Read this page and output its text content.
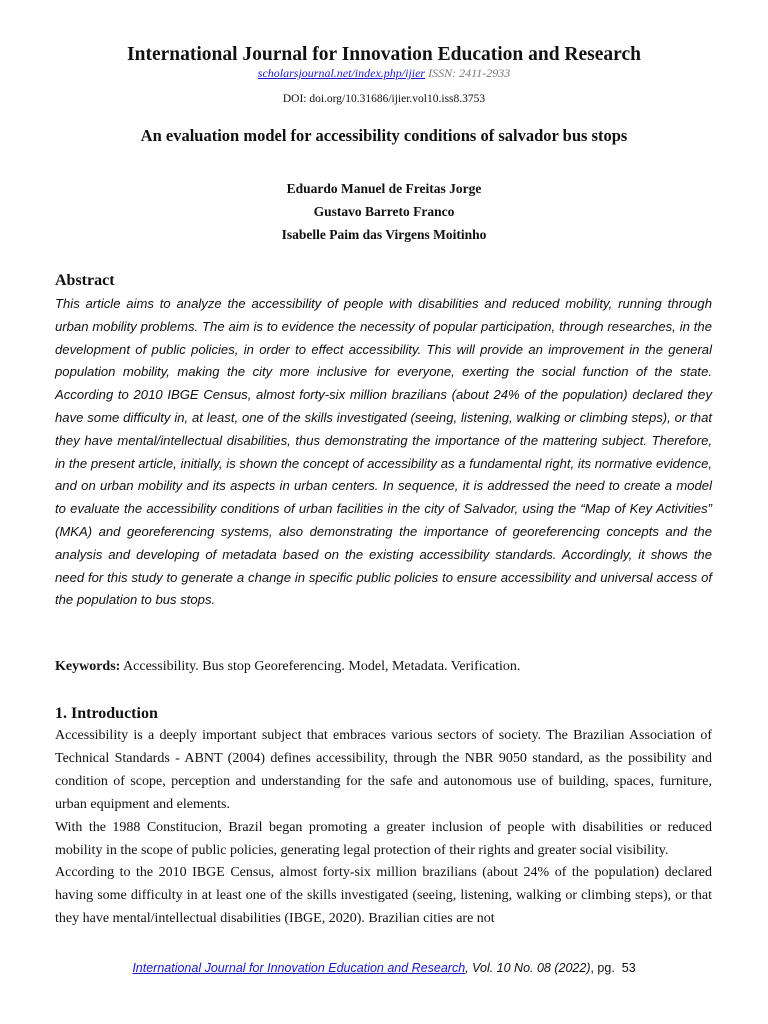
International Journal for Innovation Education and Research
scholarsjournal.net/index.php/ijier ISSN: 2411-2933
DOI: doi.org/10.31686/ijier.vol10.iss8.3753
An evaluation model for accessibility conditions of salvador bus stops
Eduardo Manuel de Freitas Jorge
Gustavo Barreto Franco
Isabelle Paim das Virgens Moitinho
Abstract

This article aims to analyze the accessibility of people with disabilities and reduced mobility, running through urban mobility problems. The aim is to evidence the necessity of popular participation, through researches, in the development of public policies, in order to effect accessibility. This will provide an improvement in the general population mobility, making the city more inclusive for everyone, exerting the social function of the state. According to 2010 IBGE Census, almost forty-six million brazilians (about 24% of the population) declared they have some difficulty in, at least, one of the skills investigated (seeing, listening, walking or climbing steps), or that they have mental/intellectual disabilities, thus demonstrating the importance of the mattering subject. Therefore, in the present article, initially, is shown the concept of accessibility as a fundamental right, its normative evidence, and on urban mobility and its aspects in urban centers. In sequence, it is addressed the need to create a model to evaluate the accessibility conditions of urban facilities in the city of Salvador, using the “Map of Key Activities” (MKA) and georeferencing systems, also demonstrating the importance of georeferencing concepts and the analysis and developing of metadata based on the existing accessibility standards. Accordingly, it shows the need for this study to generate a change in specific public policies to ensure accessibility and universal access of the population to bus stops.

Keywords: Accessibility. Bus stop Georeferencing. Model, Metadata. Verification.
1. Introduction

Accessibility is a deeply important subject that embraces various sectors of society. The Brazilian Association of Technical Standards - ABNT (2004) defines accessibility, through the NBR 9050 standard, as the possibility and condition of scope, perception and understanding for the safe and autonomous use of building, spaces, furniture, urban equipment and elements.

With the 1988 Constitucion, Brazil began promoting a greater inclusion of people with disabilities or reduced mobility in the scope of public policies, generating legal protection of their rights and greater social visibility.

According to the 2010 IBGE Census, almost forty-six million brazilians (about 24% of the population) declared having some difficulty in at least one of the skills investigated (seeing, listening, walking or climbing steps), or that they have mental/intellectual disabilities (IBGE, 2020). Brazilian cities are not

International Journal for Innovation Education and Research, Vol. 10 No. 08 (2022), pg. 53
